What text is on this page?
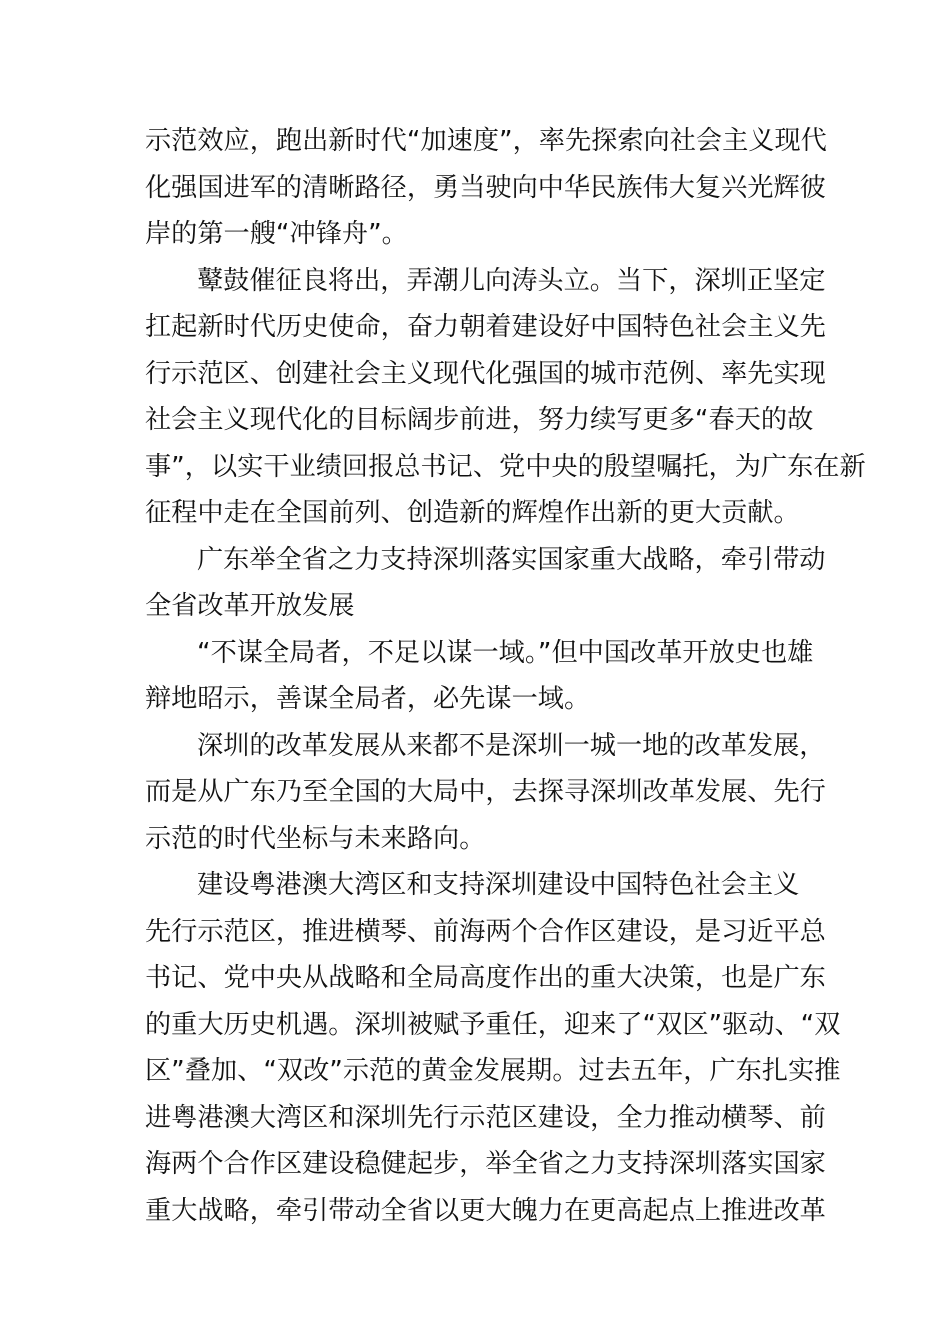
示范效应，跑出新时代“加速度”，率先探索向社会主义现代
化强国进军的清晰路径，勇当驶向中华民族伟大复兴光辉彼
岸的第一艘“冲锋舟”。
鼙鼓催征良将出，弄潮儿向涛头立。当下，深圳正坚定
扛起新时代历史使命，奋力朝着建设好中国特色社会主义先
行示范区、创建社会主义现代化强国的城市范例、率先实现
社会主义现代化的目标阔步前进，努力续写更多“春天的故
事”，以实干业绩回报总书记、党中央的殷望嘱托，为广东在新
征程中走在全国前列、创造新的辉煌作出新的更大贡献。
广东举全省之力支持深圳落实国家重大战略，牵引带动
全省改革开放发展
“不谋全局者，不足以谋一域。”但中国改革开放史也雄
辩地昭示，善谋全局者，必先谋一域。
深圳的改革发展从来都不是深圳一城一地的改革发展，
而是从广东乃至全国的大局中，去探寻深圳改革发展、先行
示范的时代坐标与未来路向。
建设粤港澳大湾区和支持深圳建设中国特色社会主义
先行示范区，推进横琴、前海两个合作区建设，是习近平总
书记、党中央从战略和全局高度作出的重大决策，也是广东
的重大历史机遇。深圳被赋予重任，迎来了“双区”驱动、“双
区”叠加、“双改”示范的黄金发展期。过去五年，广东扎实推
进粤港澳大湾区和深圳先行示范区建设，全力推动横琴、前
海两个合作区建设稳健起步，举全省之力支持深圳落实国家
重大战略，牵引带动全省以更大魄力在更高起点上推进改革
